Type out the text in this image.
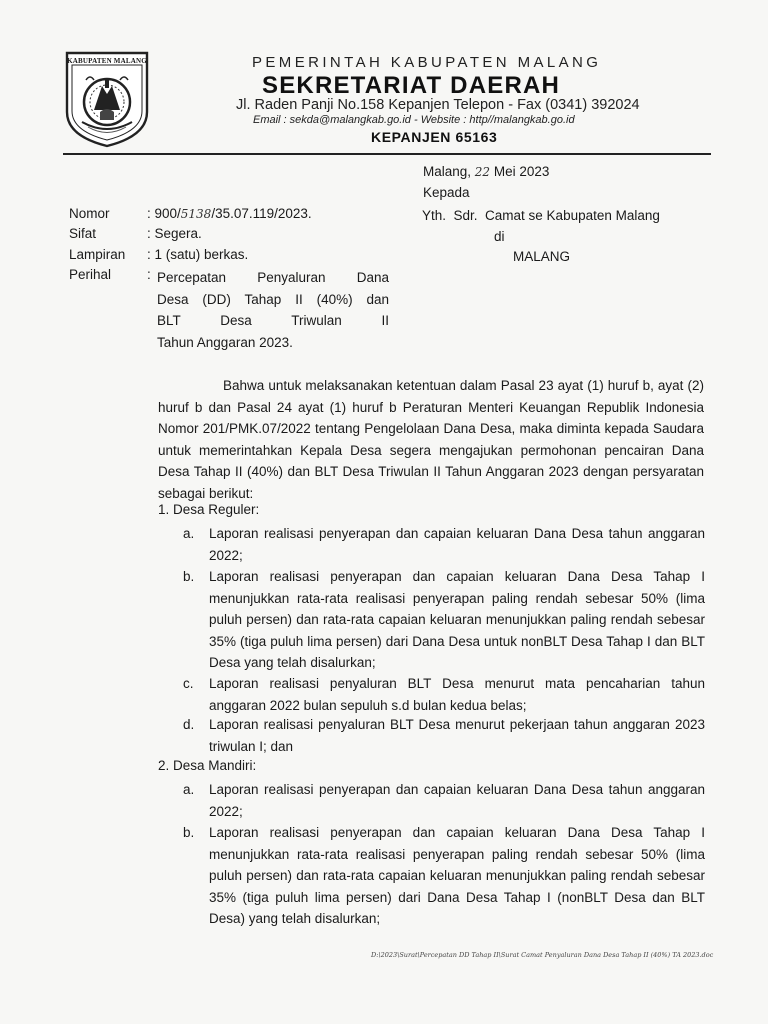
KABUPATEN MALANG	PEMERINTAH KABUPATEN MALANG
SEKRETARIAT DAERAH
Jl. Raden Panji No.158 Kepanjen Telepon - Fax (0341) 392024
Email : sekda@malangkab.go.id - Website : http//malangkab.go.id
KEPANJEN 65163
Malang, 22 Mei 2023
Kepada
Yth.  Sdr.  Camat se Kabupaten Malang
di
MALANG
Nomor	: 900/5138/35.07.119/2023.
Sifat	: Segera.
Lampiran : 1 (satu) berkas.
Perihal	: Percepatan Penyaluran Dana
Desa (DD) Tahap II (40%) dan
BLT Desa Triwulan II
Tahun Anggaran 2023.
Bahwa untuk melaksanakan ketentuan dalam Pasal 23 ayat (1) huruf b, ayat (2) huruf b dan Pasal 24 ayat (1) huruf b Peraturan Menteri Keuangan Republik Indonesia Nomor 201/PMK.07/2022 tentang Pengelolaan Dana Desa, maka diminta kepada Saudara untuk memerintahkan Kepala Desa segera mengajukan permohonan pencairan Dana Desa Tahap II (40%) dan BLT Desa Triwulan II Tahun Anggaran 2023 dengan persyaratan sebagai berikut:
1. Desa Reguler:
a. Laporan realisasi penyerapan dan capaian keluaran Dana Desa tahun anggaran 2022;
b. Laporan realisasi penyerapan dan capaian keluaran Dana Desa Tahap I menunjukkan rata-rata realisasi penyerapan paling rendah sebesar 50% (lima puluh persen) dan rata-rata capaian keluaran menunjukkan paling rendah sebesar 35% (tiga puluh lima persen) dari Dana Desa untuk nonBLT Desa Tahap I dan BLT Desa yang telah disalurkan;
c. Laporan realisasi penyaluran BLT Desa menurut mata pencaharian tahun anggaran 2022 bulan sepuluh s.d bulan kedua belas;
d. Laporan realisasi penyaluran BLT Desa menurut pekerjaan tahun anggaran 2023 triwulan I; dan
2. Desa Mandiri:
a. Laporan realisasi penyerapan dan capaian keluaran Dana Desa tahun anggaran 2022;
b. Laporan realisasi penyerapan dan capaian keluaran Dana Desa Tahap I menunjukkan rata-rata realisasi penyerapan paling rendah sebesar 50% (lima puluh persen) dan rata-rata capaian keluaran menunjukkan paling rendah sebesar 35% (tiga puluh lima persen) dari Dana Desa Tahap I (nonBLT Desa dan BLT Desa) yang telah disalurkan;
D:\2023\Surat\Percepatan DD Tahap II\Surat Camat Penyaluran Dana Desa Tahap II (40%) TA 2023.doc
